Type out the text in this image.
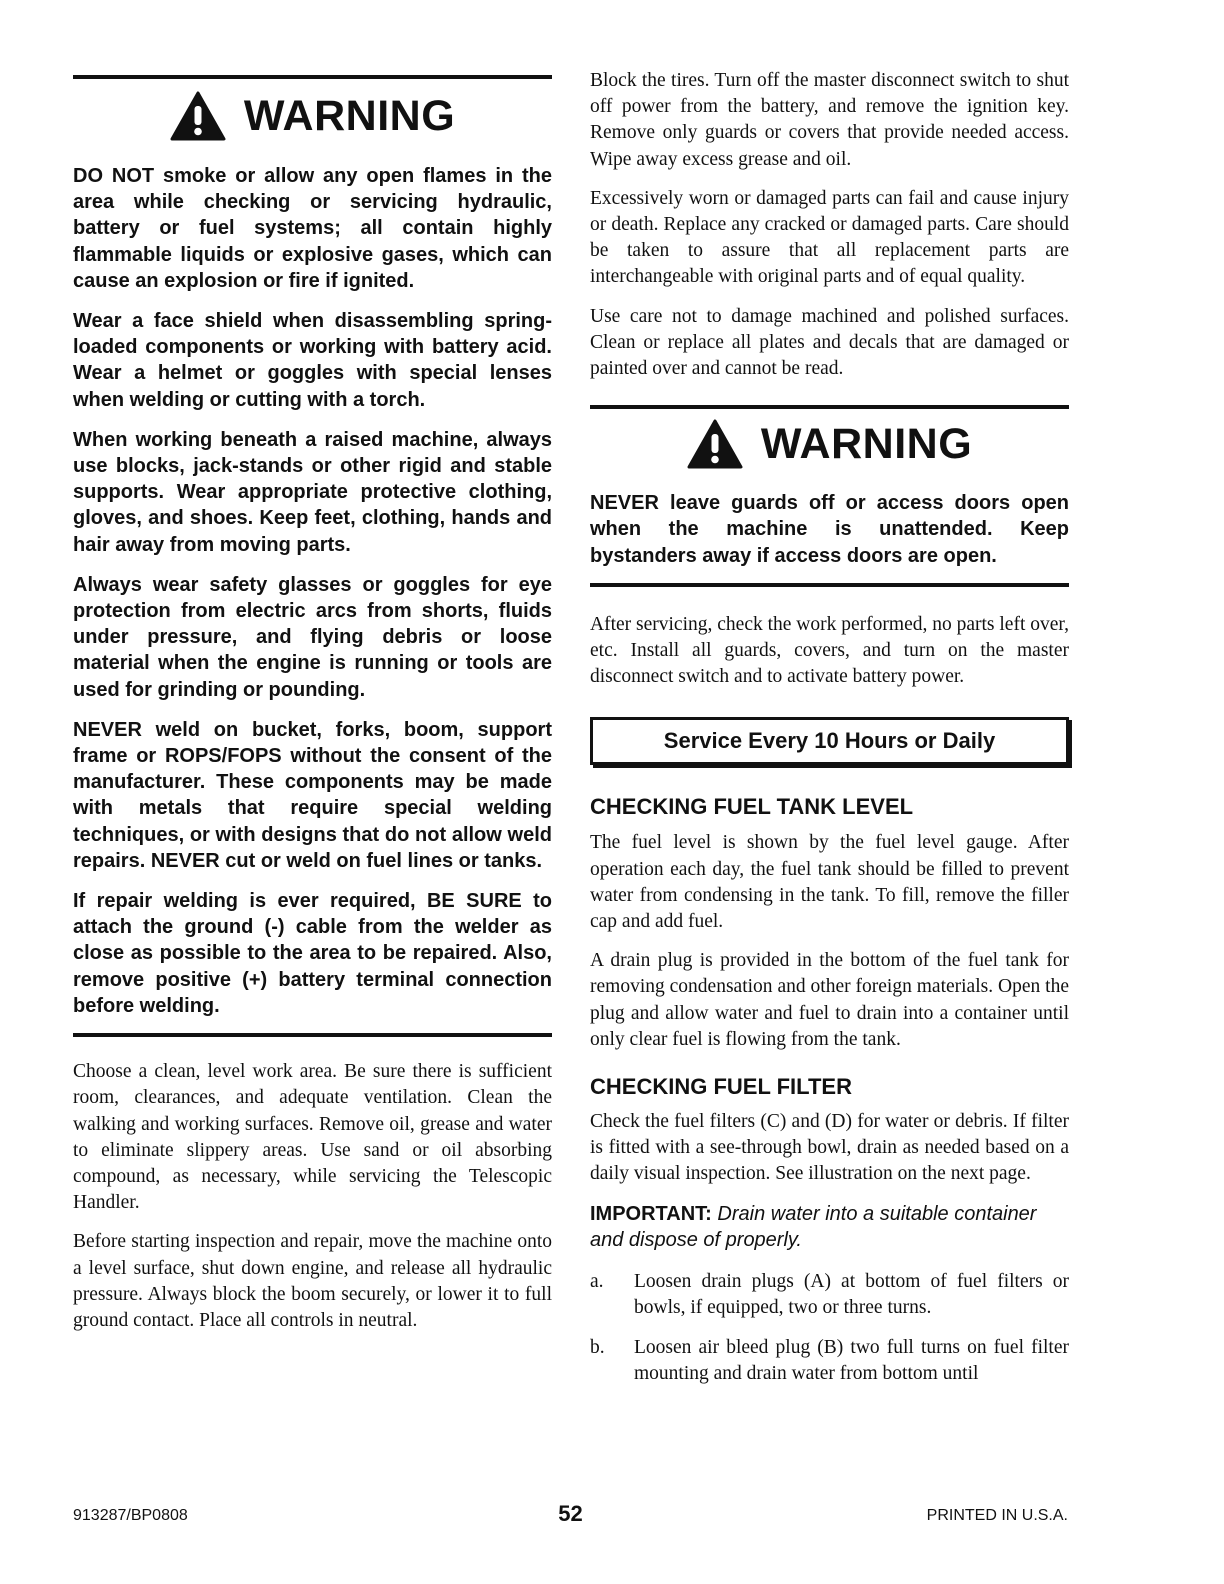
WARNING

DO NOT smoke or allow any open flames in the area while checking or servicing hydraulic, battery or fuel systems; all contain highly flammable liquids or explosive gases, which can cause an explosion or fire if ignited.

Wear a face shield when disassembling spring-loaded components or working with battery acid. Wear a helmet or goggles with special lenses when welding or cutting with a torch.

When working beneath a raised machine, always use blocks, jack-stands or other rigid and stable supports. Wear appropriate protective clothing, gloves, and shoes. Keep feet, clothing, hands and hair away from moving parts.

Always wear safety glasses or goggles for eye protection from electric arcs from shorts, fluids under pressure, and flying debris or loose material when the engine is running or tools are used for grinding or pounding.

NEVER weld on bucket, forks, boom, support frame or ROPS/FOPS without the consent of the manufacturer. These components may be made with metals that require special welding techniques, or with designs that do not allow weld repairs. NEVER cut or weld on fuel lines or tanks.

If repair welding is ever required, BE SURE to attach the ground (-) cable from the welder as close as possible to the area to be repaired. Also, remove positive (+) battery terminal connection before welding.

Choose a clean, level work area. Be sure there is sufficient room, clearances, and adequate ventilation. Clean the walking and working surfaces. Remove oil, grease and water to eliminate slippery areas. Use sand or oil absorbing compound, as necessary, while servicing the Telescopic Handler.

Before starting inspection and repair, move the machine onto a level surface, shut down engine, and release all hydraulic pressure. Always block the boom securely, or lower it to full ground contact. Place all controls in neutral.

Block the tires. Turn off the master disconnect switch to shut off power from the battery, and remove the ignition key. Remove only guards or covers that provide needed access. Wipe away excess grease and oil.

Excessively worn or damaged parts can fail and cause injury or death. Replace any cracked or damaged parts. Care should be taken to assure that all replacement parts are interchangeable with original parts and of equal quality.

Use care not to damage machined and polished surfaces. Clean or replace all plates and decals that are damaged or painted over and cannot be read.

WARNING

NEVER leave guards off or access doors open when the machine is unattended. Keep bystanders away if access doors are open.

After servicing, check the work performed, no parts left over, etc. Install all guards, covers, and turn on the master disconnect switch and to activate battery power.

Service Every 10 Hours or Daily
CHECKING FUEL TANK LEVEL

The fuel level is shown by the fuel level gauge. After operation each day, the fuel tank should be filled to prevent water from condensing in the tank. To fill, remove the filler cap and add fuel.

A drain plug is provided in the bottom of the fuel tank for removing condensation and other foreign materials. Open the plug and allow water and fuel to drain into a container until only clear fuel is flowing from the tank.

CHECKING FUEL FILTER

Check the fuel filters (C) and (D) for water or debris. If filter is fitted with a see-through bowl, drain as needed based on a daily visual inspection. See illustration on the next page.

IMPORTANT: Drain water into a suitable container and dispose of properly.

a.	Loosen drain plugs (A) at bottom of fuel filters or bowls, if equipped, two or three turns.
b.	Loosen air bleed plug (B) two full turns on fuel filter mounting and drain water from bottom until
913287/BP0808	52	PRINTED IN U.S.A.
